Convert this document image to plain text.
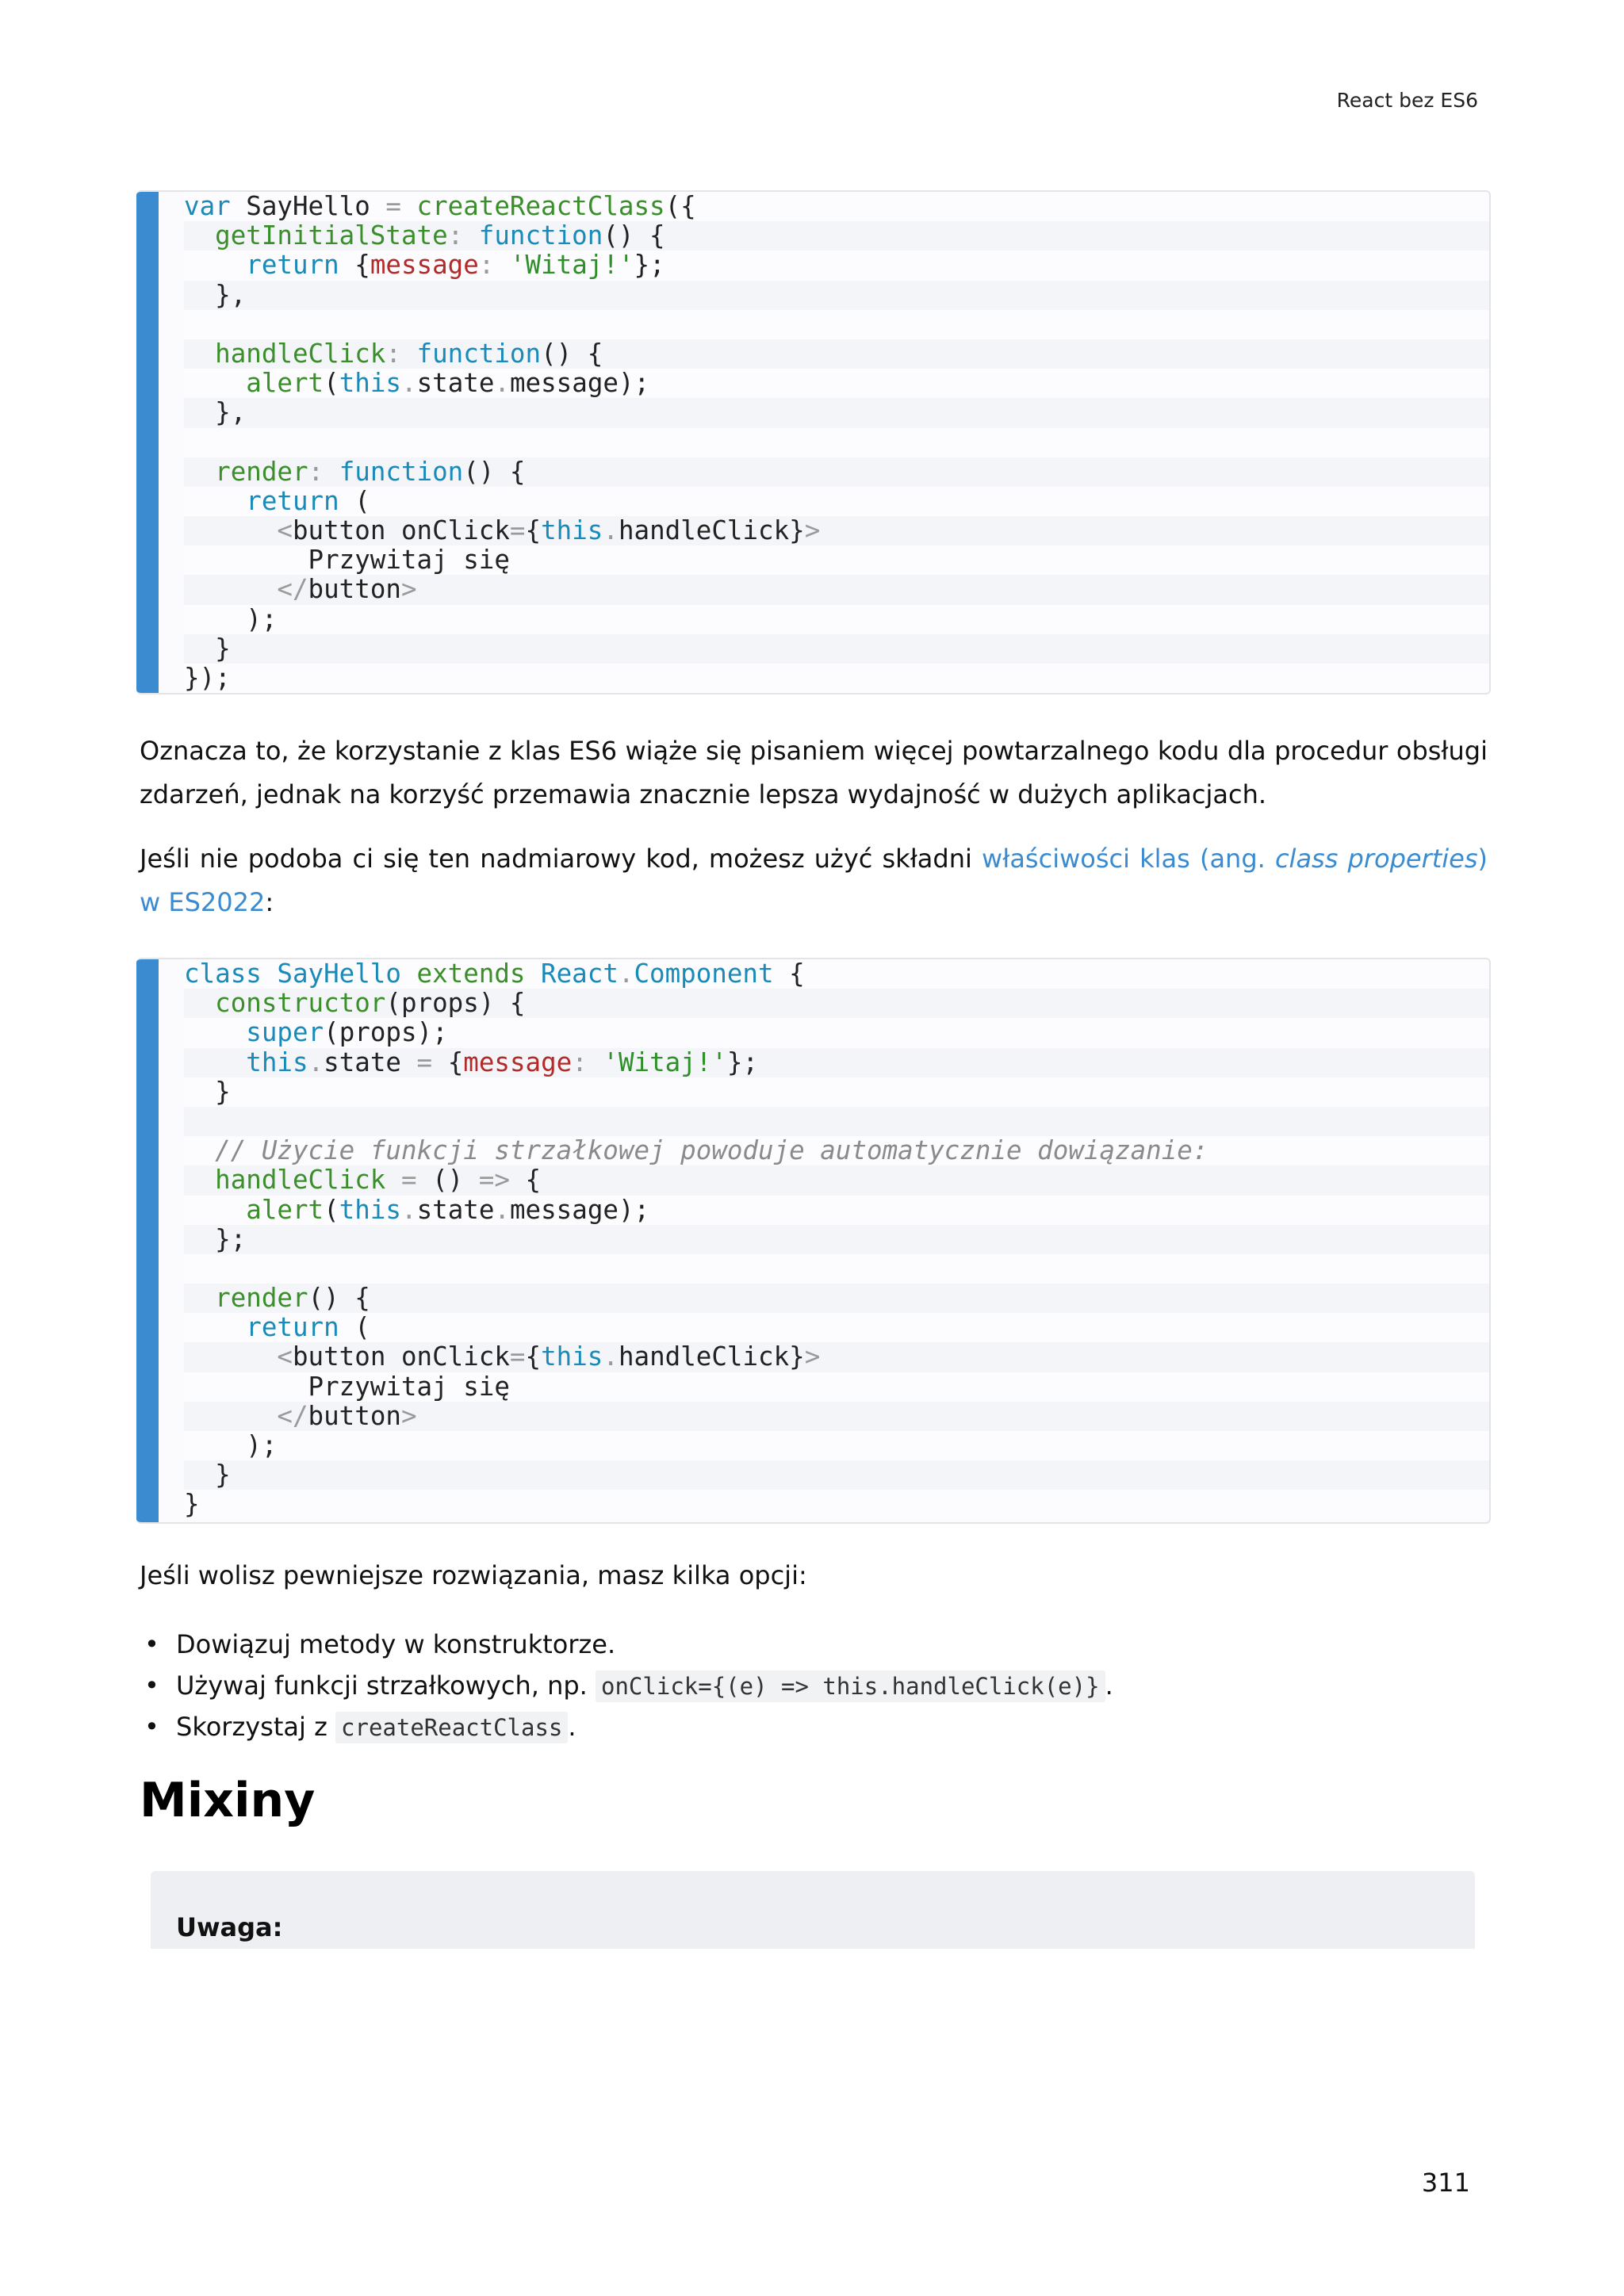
React bez ES6
var SayHello = createReactClass({
getInitialState: function() {
return {message: 'Witaj!'};
},

handleClick: function() {
alert(this.state.message);
},

render: function() {
return (
<button onClick={this.handleClick}>
Przywitaj się
</button>
);
}
});

Oznacza to, że korzystanie z klas ES6 wiąże się pisaniem więcej powtarzalnego kodu dla procedur obsługi zdarzeń, jednak na korzyść przemawia znacznie lepsza wydajność w dużych aplikacjach.

Jeśli nie podoba ci się ten nadmiarowy kod, możesz użyć składni właściwości klas (ang. class properties) w ES2022:

class SayHello extends React.Component {
constructor(props) {
super(props);
this.state = {message: 'Witaj!'};
}

// Użycie funkcji strzałkowej powoduje automatycznie dowiązanie:
handleClick = () => {
alert(this.state.message);
};

render() {
return (
<button onClick={this.handleClick}>
Przywitaj się
</button>
);
}
}

Jeśli wolisz pewniejsze rozwiązania, masz kilka opcji:

• Dowiązuj metody w konstruktorze.
• Używaj funkcji strzałkowych, np. onClick={(e) => this.handleClick(e)} .
• Skorzystaj z createReactClass .
Mixiny
Uwaga:
311
